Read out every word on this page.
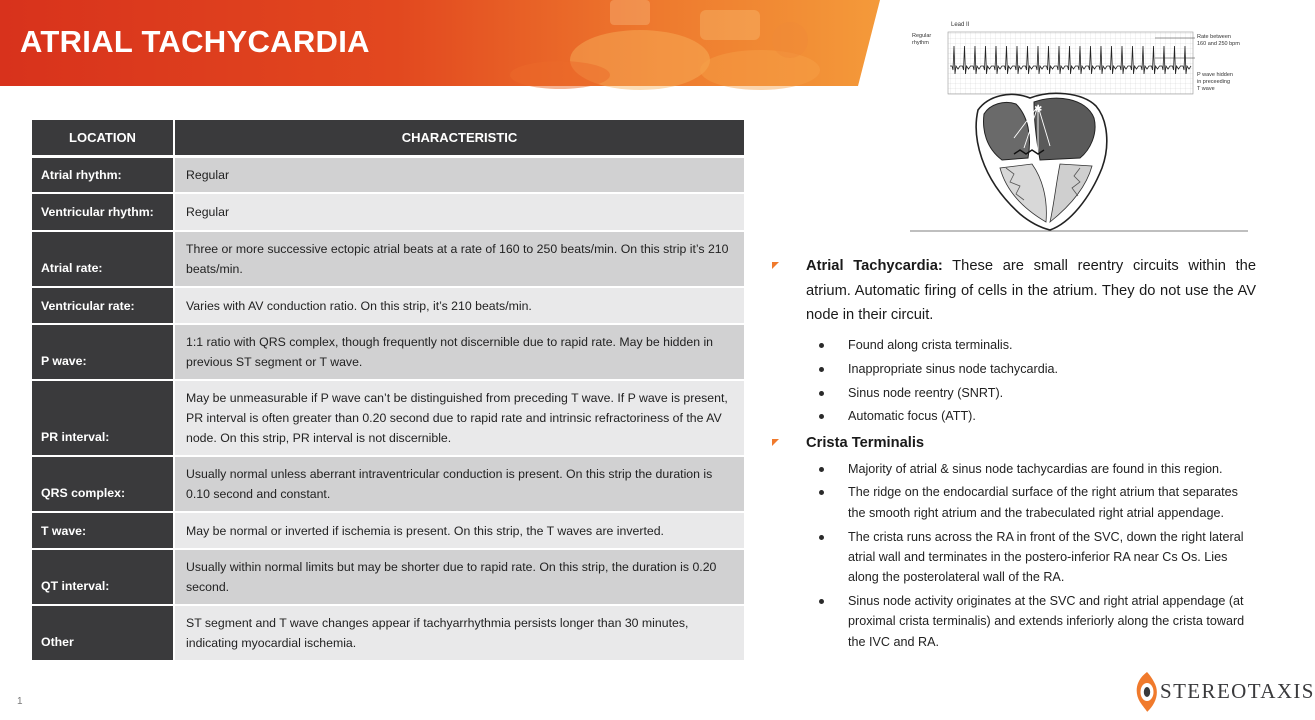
ATRIAL TACHYCARDIA
LOCATION	CHARACTERISTIC
Atrial rhythm:	Regular
Ventricular rhythm:	Regular
Atrial rate:	Three or more successive ectopic atrial beats at a rate of 160 to 250 beats/min. On this strip it’s 210 beats/min.
Ventricular rate:	Varies with AV conduction ratio. On this strip, it’s 210 beats/min.
P wave:	1:1 ratio with QRS complex, though frequently not discernible due to rapid rate. May be hidden in previous ST segment or T wave.
PR interval:	May be unmeasurable if P wave can’t be distinguished from preceding T wave. If P wave is present, PR interval is often greater than 0.20 second due to rapid rate and intrinsic refractoriness of the AV node. On this strip, PR interval is not discernible.
QRS complex:	Usually normal unless aberrant intraventricular conduction is present. On this strip the duration is 0.10 second and constant.
T wave:	May be normal or inverted if ischemia is present. On this strip, the T waves are inverted.
QT interval:	Usually within normal limits but may be shorter due to rapid rate. On this strip, the duration is 0.20 second.
Other	ST segment and T wave changes appear if tachyarrhythmia persists longer than 30 minutes, indicating myocardial ischemia.
Lead II
Regular
rhythm
Rate between
160 and 250 bpm
P wave hidden
in preceeding
T wave
✱
Atrial Tachycardia: These are small reentry circuits within the atrium. Automatic firing of cells in the atrium. They do not use the AV node in their circuit.
Found along crista terminalis.
Inappropriate sinus node tachycardia.
Sinus node reentry (SNRT).
Automatic focus (ATT).
Crista Terminalis
Majority of atrial & sinus node tachycardias are found in this region.
The ridge on the endocardial surface of the right atrium that separates the smooth right atrium and the trabeculated right atrial appendage.
The crista runs across the RA in front of the SVC, down the right lateral atrial wall and terminates in the postero-inferior RA near Cs Os. Lies along the posterolateral wall of the RA.
Sinus node activity originates at the SVC and right atrial appendage (at proximal crista terminalis) and extends inferiorly along the crista toward the IVC and RA.
1	STEREOTAXIS
